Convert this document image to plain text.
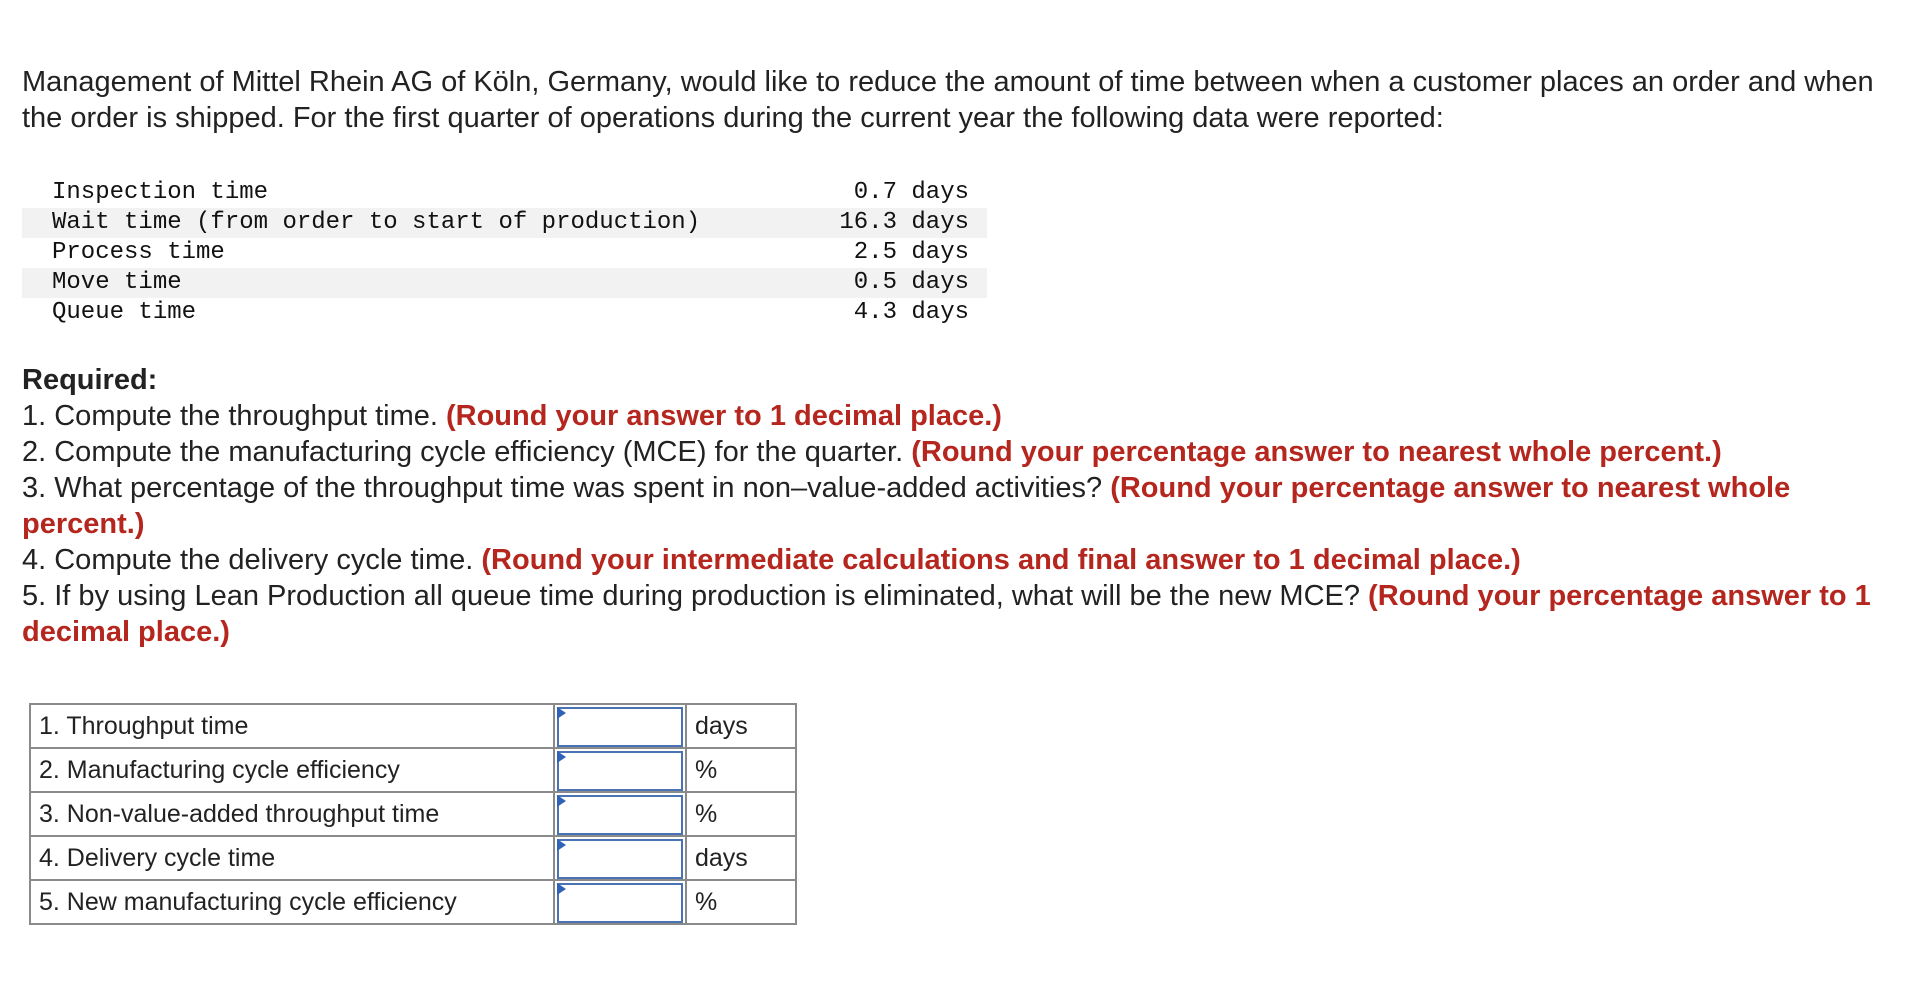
Management of Mittel Rhein AG of Köln, Germany, would like to reduce the amount of time between when a customer places an order and when the order is shipped. For the first quarter of operations during the current year the following data were reported:

Inspection time	0.7 days
Wait time (from order to start of production)	16.3 days
Process time	2.5 days
Move time	0.5 days
Queue time	4.3 days

Required:

1. Compute the throughput time. (Round your answer to 1 decimal place.)

2. Compute the manufacturing cycle efficiency (MCE) for the quarter. (Round your percentage answer to nearest whole percent.)

3. What percentage of the throughput time was spent in non–value-added activities? (Round your percentage answer to nearest whole percent.)

4. Compute the delivery cycle time. (Round your intermediate calculations and final answer to 1 decimal place.)

5. If by using Lean Production all queue time during production is eliminated, what will be the new MCE? (Round your percentage answer to 1 decimal place.)

1. Throughput time		days
2. Manufacturing cycle efficiency		%
3. Non-value-added throughput time		%
4. Delivery cycle time		days
5. New manufacturing cycle efficiency		%
